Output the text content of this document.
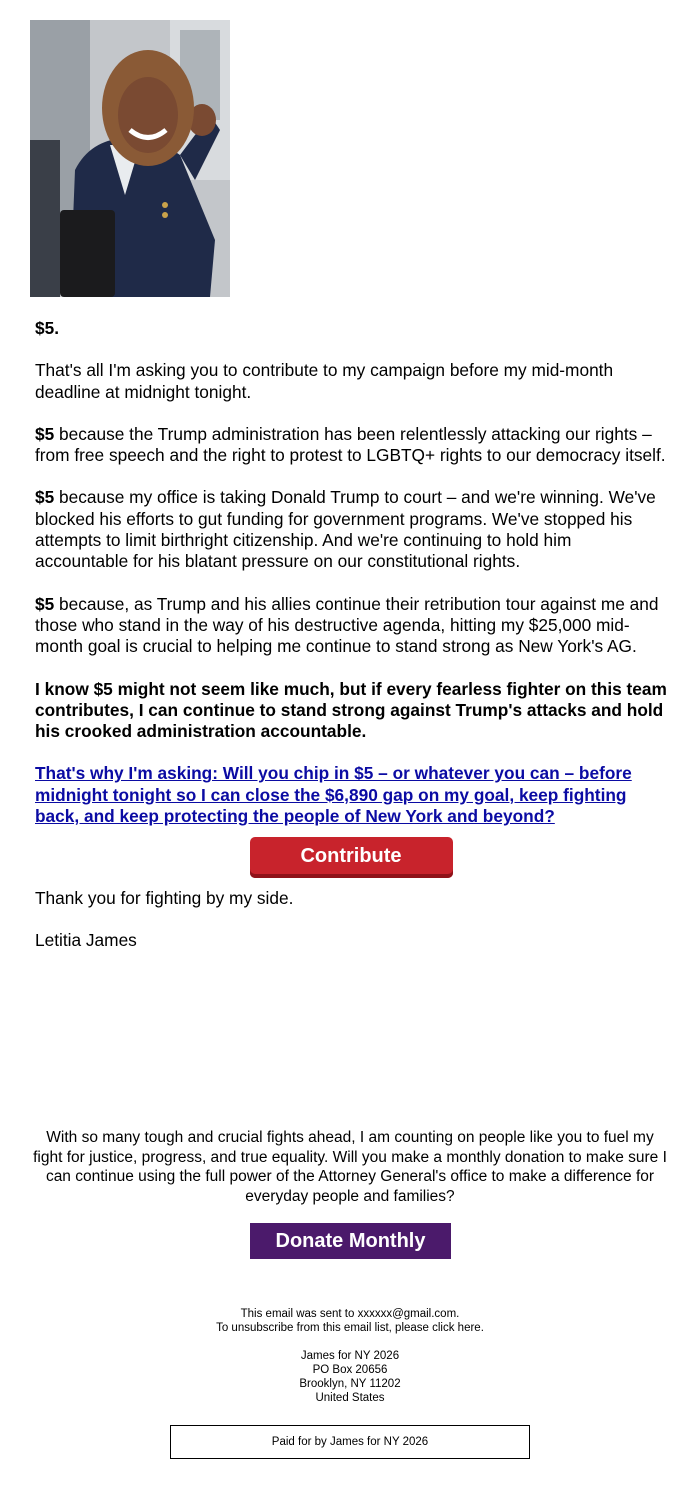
$5.

That's all I'm asking you to contribute to my campaign before my mid-month deadline at midnight tonight.

$5 because the Trump administration has been relentlessly attacking our rights – from free speech and the right to protest to LGBTQ+ rights to our democracy itself.

$5 because my office is taking Donald Trump to court – and we're winning. We've blocked his efforts to gut funding for government programs. We've stopped his attempts to limit birthright citizenship. And we're continuing to hold him accountable for his blatant pressure on our constitutional rights.

$5 because, as Trump and his allies continue their retribution tour against me and those who stand in the way of his destructive agenda, hitting my $25,000 mid-month goal is crucial to helping me continue to stand strong as New York's AG.

I know $5 might not seem like much, but if every fearless fighter on this team contributes, I can continue to stand strong against Trump's attacks and hold his crooked administration accountable.

That's why I'm asking: Will you chip in $5 – or whatever you can – before midnight tonight so I can close the $6,890 gap on my goal, keep fighting back, and keep protecting the people of New York and beyond?
Contribute

Thank you for fighting by my side.

Letitia James

With so many tough and crucial fights ahead, I am counting on people like you to fuel my fight for justice, progress, and true equality. Will you make a monthly donation to make sure I can continue using the full power of the Attorney General's office to make a difference for everyday people and families?
Donate Monthly
This email was sent to xxxxxx@gmail.com.
To unsubscribe from this email list, please click here.
James for NY 2026
PO Box 20656
Brooklyn, NY 11202
United States
Paid for by James for NY 2026
